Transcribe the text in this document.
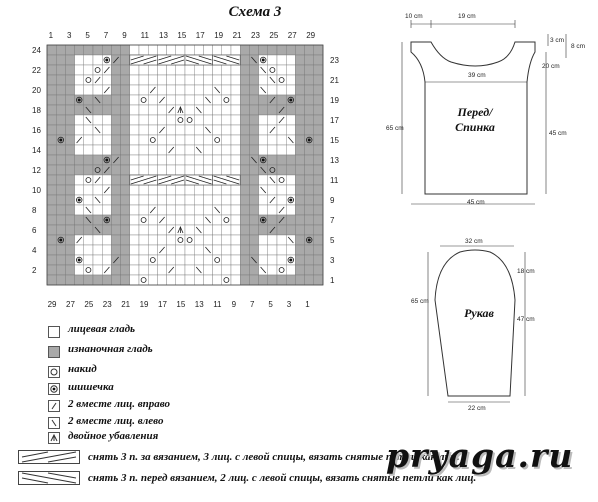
Схема 3
1 3 5 7 9 11 13 15 17 19 21 23 25 27 29
29 27 25 23 21 19 17 15 13 11 9 7 5 3 1
24
22
20
18
16
14
12
10
8
6
4
2
23
21
19
17
15
13
11
9
7
5
3
1
лицевая гладь
изнаночная гладь
накид
шишечка
2 вместе лиц. вправо
2 вместе лиц. влево
двойное убавления
снять 3 п. за вязанием, 3 лиц. с левой спицы, вязать снятые петли как лиц.
снять 3 п. перед вязанием, 2 лиц. с левой спицы, вязать снятые петли как лиц.
pryaga.ru
10 cm	19 cm
3 cm
8 cm
20 cm
39 cm
65 cm
45 cm
45 cm
Перед/
Спинка
32 cm
18 cm
65 cm
47 cm
22 cm
Рукав
